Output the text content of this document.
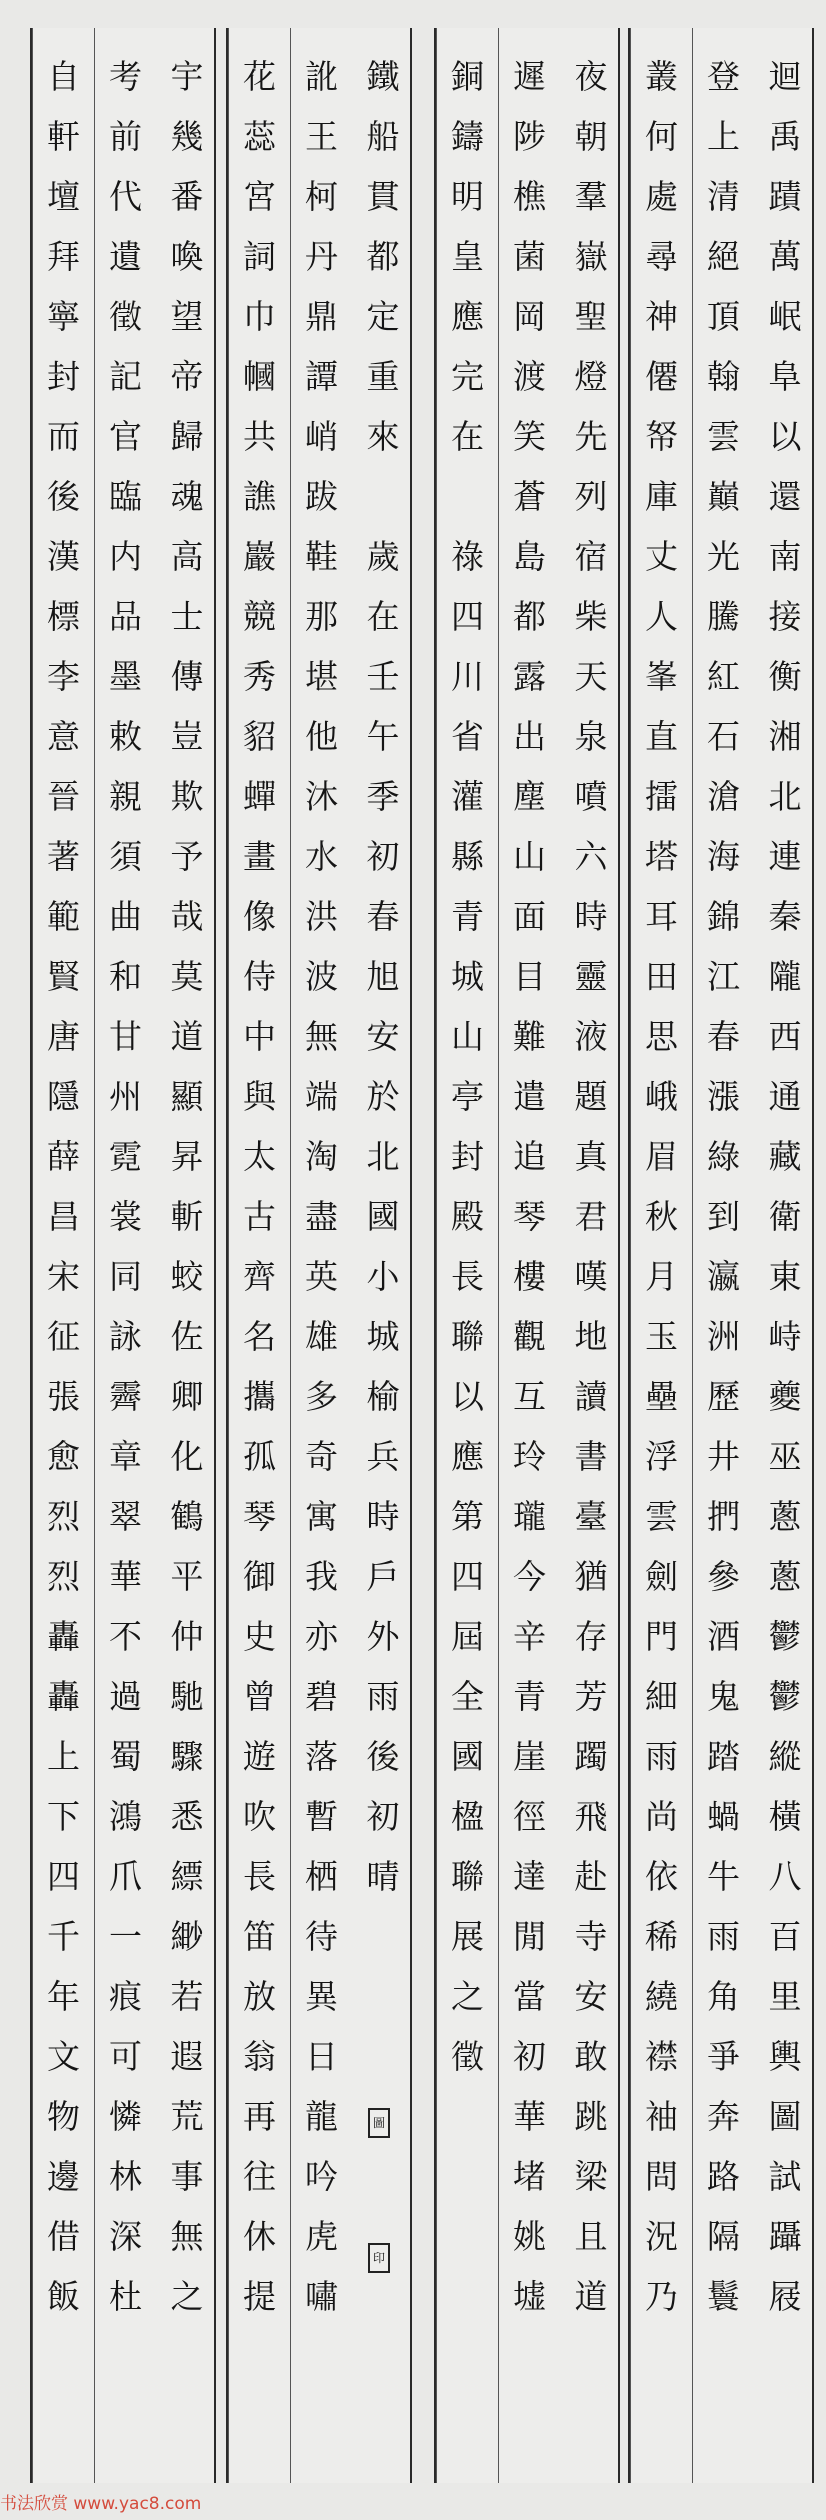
迴
禹
蹟
萬
岷
阜
以
還
南
接
衡
湘
北
連
秦
隴
西
通
藏
衛
東
峙
夔
巫
蔥
蔥
鬱
鬱
縱
橫
八
百
里
輿
圖
試
躡
屐
登
上
清
絕
頂
翰
雲
巔
光
騰
紅
石
滄
海
錦
江
春
漲
綠
到
瀛
洲
歷
井
捫
參
酒
鬼
踏
蝸
牛
雨
角
爭
奔
路
隔
鬟
叢
何
處
尋
神
僊
帑
庫
丈
人
峯
直
擂
塔
耳
田
思
峨
眉
秋
月
玉
壘
浮
雲
劍
門
細
雨
尚
依
稀
繞
襟
袖
問
況
乃
夜
朝
羣
嶽
聖
燈
先
列
宿
柴
天
泉
噴
六
時
靈
液
題
真
君
嘆
地
讀
書
臺
猶
存
芳
躅
飛
赴
寺
安
敢
跳
梁
且
道
遲
陟
樵
菌
岡
渡
笑
蒼
島
都
露
出
塵
山
面
目
難
遣
追
琴
樓
觀
互
玲
瓏
今
辛
青
崖
徑
達
閒
當
初
華
堵
姚
墟
銅
鑄
明
皇
應
完
在

祿
四
川
省
灌
縣
青
城
山
亭
封
殿
長
聯
以
應
第
四
屆
全
國
楹
聯
展
之
徵
鐵
船
貫
都
定
重
來

歲
在
壬
午
季
初
春
旭
安
於
北
國
小
城
榆
兵
時
戶
外
雨
後
初
晴
訛
王
柯
丹
鼎
譚
峭
跋
鞋
那
堪
他
沐
水
洪
波
無
端
淘
盡
英
雄
多
奇
寓
我
亦
碧
落
暫
栖
待
異
日
龍
吟
虎
嘯
花
蕊
宮
詞
巾
幗
共
譙
巖
競
秀
貂
蟬
畫
像
侍
中
與
太
古
齊
名
攜
孤
琴
御
史
曾
遊
吹
長
笛
放
翁
再
往
休
提
圖
印
宇
幾
番
喚
望
帝
歸
魂
高
士
傳
豈
欺
予
哉
莫
道
顯
昇
斬
蛟
佐
卿
化
鶴
平
仲
馳
驟
悉
縹
緲
若
遐
荒
事
無
之
考
前
代
遺
徵
記
官
臨
内
品
墨
敕
親
須
曲
和
甘
州
霓
裳
同
詠
霽
章
翠
華
不
過
蜀
鴻
爪
一
痕
可
憐
林
深
杜
自
軒
壇
拜
寧
封
而
後
漢
標
李
意
晉
著
範
賢
唐
隱
薛
昌
宋
征
張
愈
烈
烈
轟
轟
上
下
四
千
年
文
物
邊
借
飯
书法欣赏 www.yac8.com
